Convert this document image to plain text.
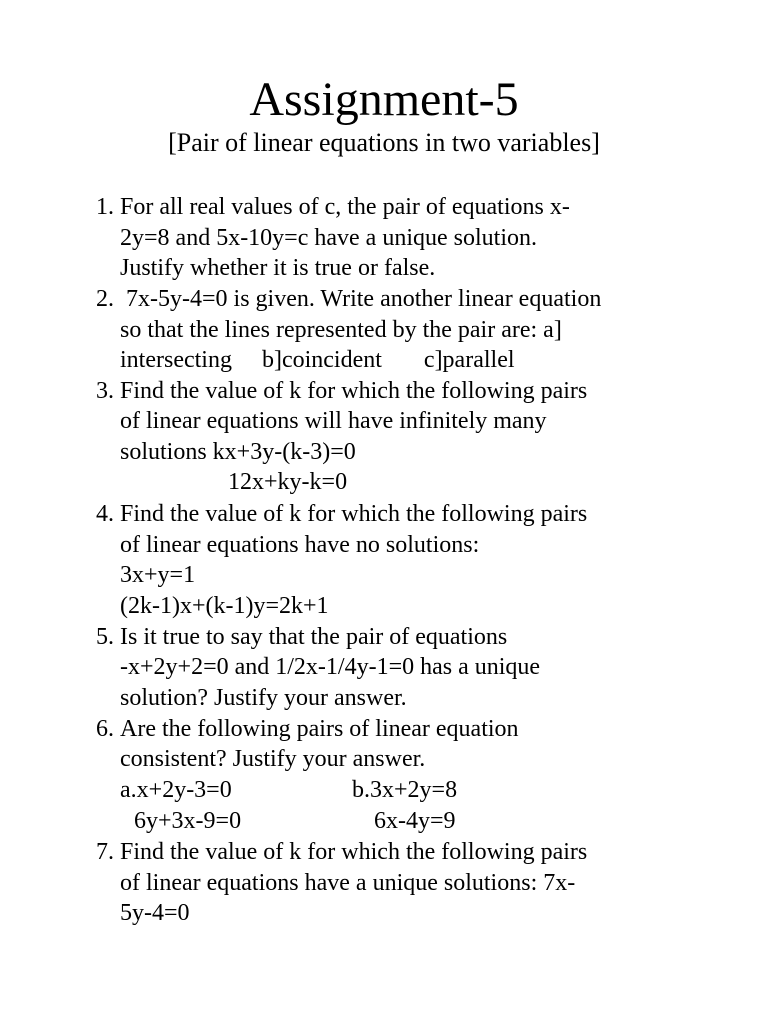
Assignment-5
[Pair of linear equations in two variables]
1. For all real values of c, the pair of equations x-
2y=8 and 5x-10y=c have a unique solution.
Justify whether it is true or false.
2. 7x-5y-4=0 is given. Write another linear equation
so that the lines represented by the pair are: a]
intersecting     b]coincident       c]parallel
3. Find the value of k for which the following pairs
of linear equations will have infinitely many
solutions kx+3y-(k-3)=0
12x+ky-k=0
4. Find the value of k for which the following pairs
of linear equations have no solutions:
3x+y=1
(2k-1)x+(k-1)y=2k+1
5. Is it true to say that the pair of equations
-x+2y+2=0 and 1/2x-1/4y-1=0 has a unique
solution? Justify your answer.
6. Are the following pairs of linear equation
consistent? Justify your answer.
a.x+2y-3=0	b.3x+2y=8
6y+3x-9=0	6x-4y=9
7. Find the value of k for which the following pairs
of linear equations have a unique solutions: 7x-
5y-4=0
